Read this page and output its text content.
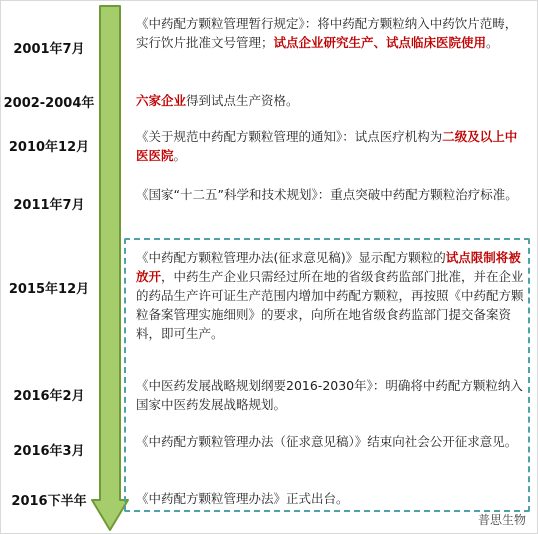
2001年7月
2002-2004年
2010年12月
2011年7月
2015年12月
2016年2月
2016年3月
2016下半年
《中药配方颗粒管理暂行规定》：将中药配方颗粒纳入中药饮片范畴，实行饮片批准文号管理；试点企业研究生产、试点临床医院使用。
六家企业得到试点生产资格。
《关于规范中药配方颗粒管理的通知》：试点医疗机构为二级及以上中医医院。
《国家“十二五”科学和技术规划》：重点突破中药配方颗粒治疗标准。
《中药配方颗粒管理办法(征求意见稿)》显示配方颗粒的试点限制将被放开，中药生产企业只需经过所在地的省级食药监部门批准，并在企业的药品生产许可证生产范围内增加中药配方颗粒，再按照《中药配方颗粒备案管理实施细则》的要求，向所在地省级食药监部门提交备案资料，即可生产。
《中医药发展战略规划纲要2016-2030年》：明确将中药配方颗粒纳入国家中医药发展战略规划。
《中药配方颗粒管理办法（征求意见稿）》结束向社会公开征求意见。
《中药配方颗粒管理办法》正式出台。
普思生物
